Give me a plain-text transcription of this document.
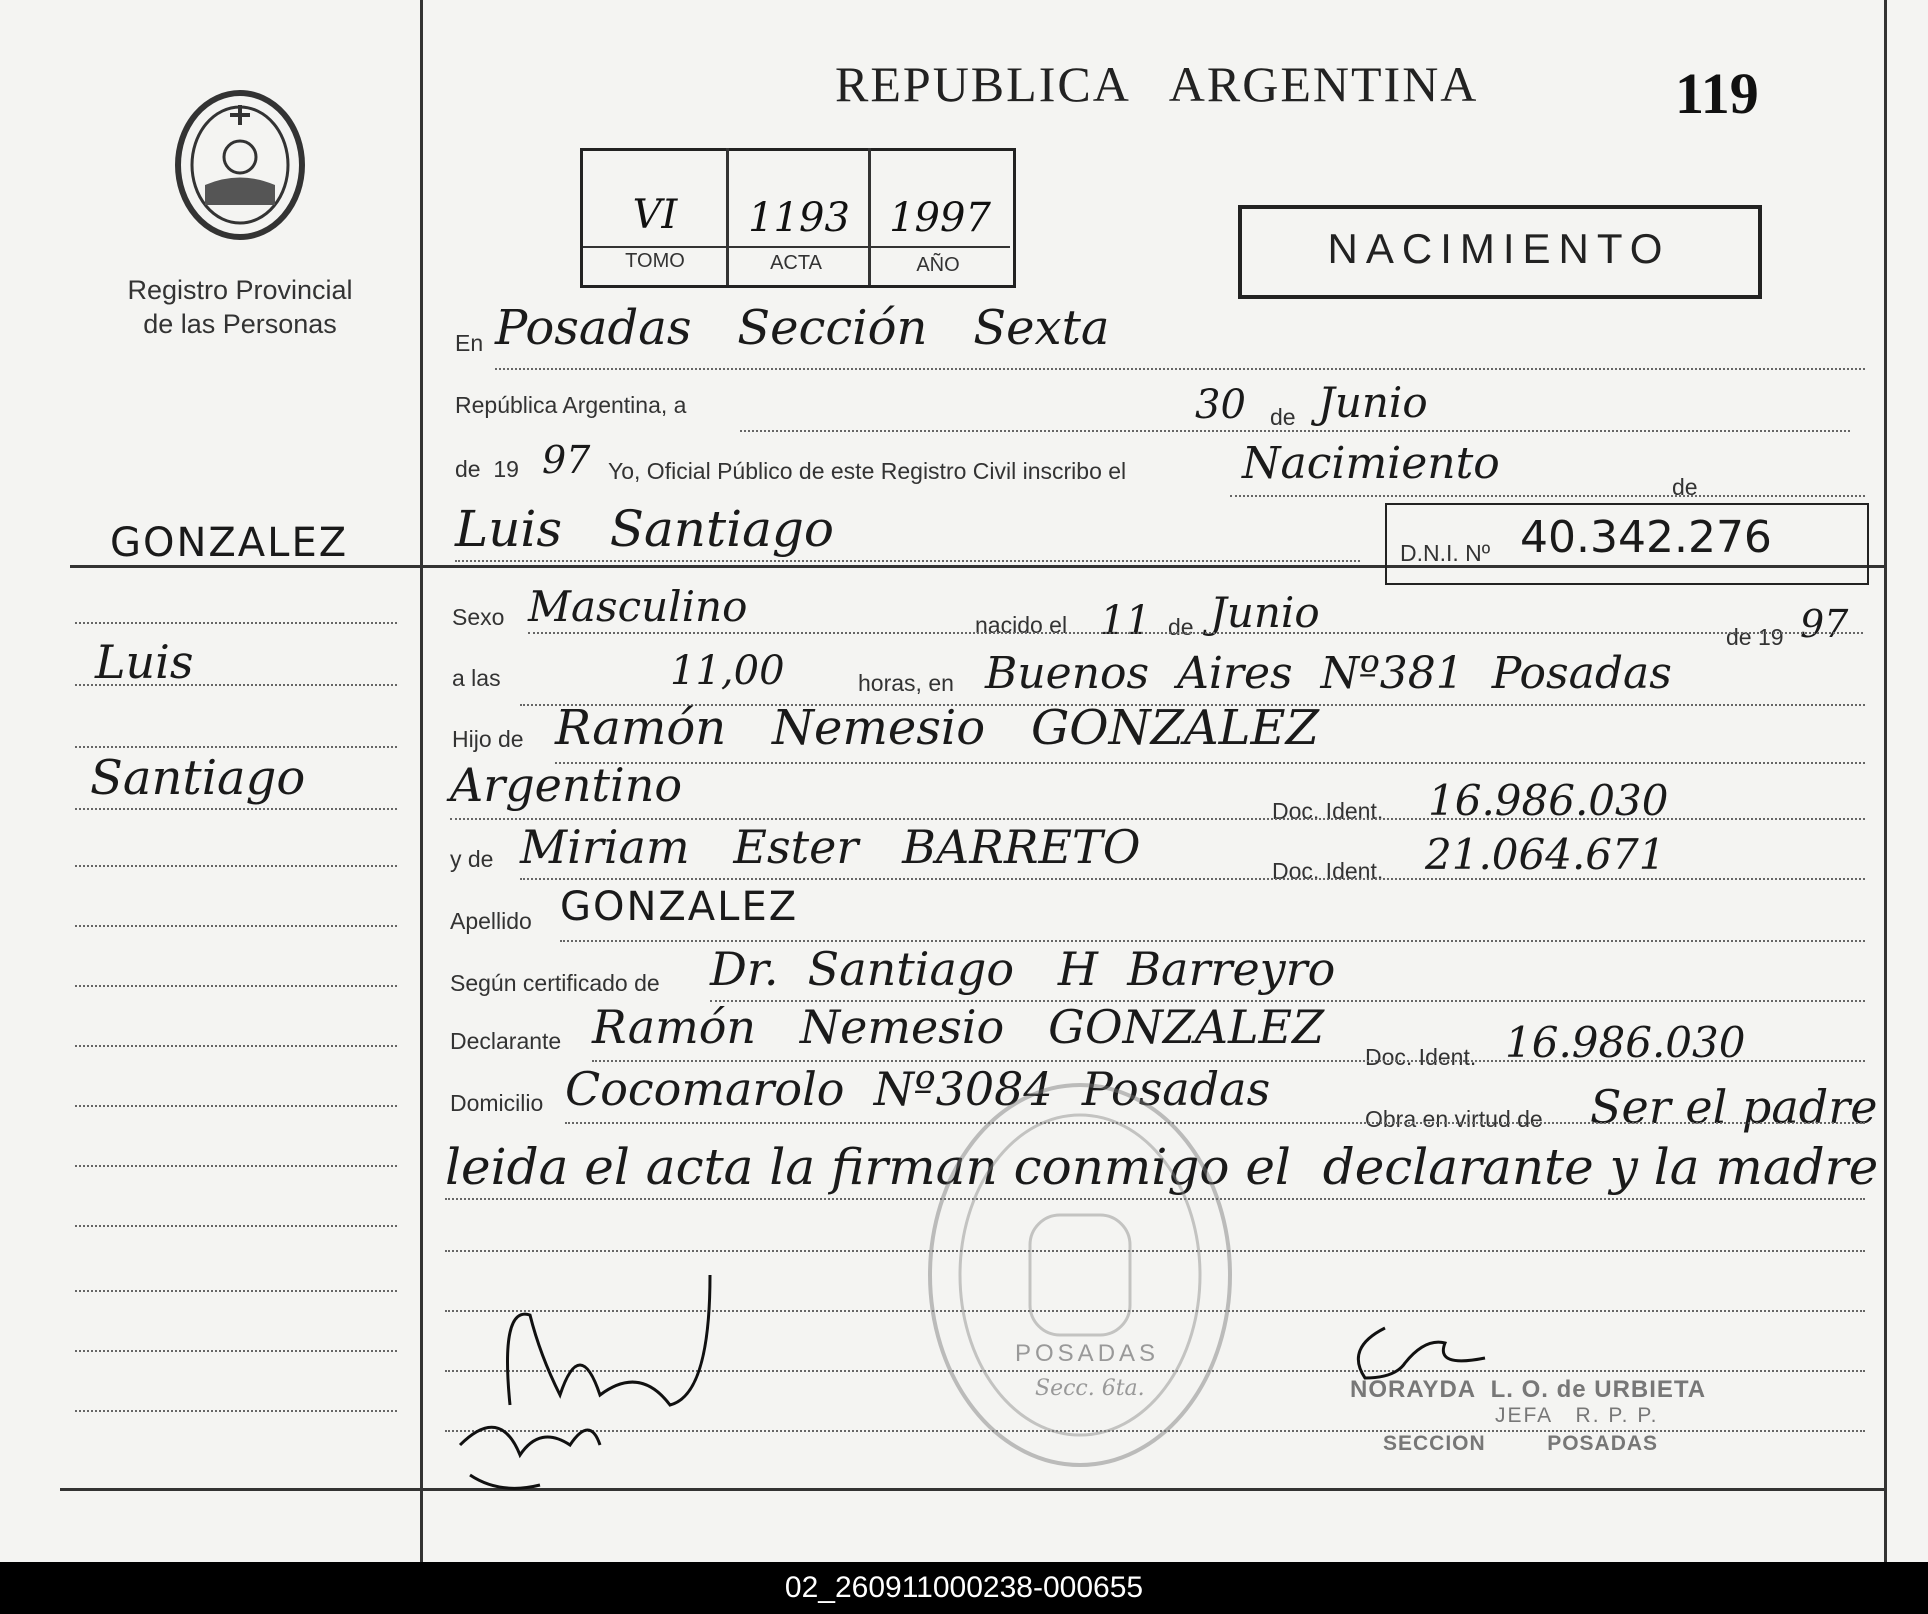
Registro Provincial
de las Personas
REPUBLICA   ARGENTINA	119
VI	1193 1997
TOMO	ACTA	AÑO	NACIMIENTO
GONZALEZ
Luis
Santiago
En Posadas   Sección   Sexta
República Argentina, a	30 de Junio
de  19 97 Yo, Oficial Público de este Registro Civil inscribo el	Nacimiento	de
Luis   Santiago	D.N.I. Nº 40.342.276
Sexo Masculino	nacido el 11 de Junio	de 19 97
a las	11,00	horas, en Buenos  Aires  Nº381  Posadas
Hijo de Ramón   Nemesio   GONZALEZ
Argentino	Doc. Ident. 16.986.030
y de Miriam   Ester   BARRETO	Doc. Ident. 21.064.671
Apellido GONZALEZ
Según certificado de Dr.  Santiago   H  Barreyro
Declarante Ramón   Nemesio   GONZALEZ
Doc. Ident. 16.986.030
Domicilio Cocomarolo  Nº3084  Posadas
Obra en virtud de Ser el padre
leida el acta la firman conmigo el  declarante y la madre
POSADAS
Secc. 6ta.	NORAYDA  L. O. de URBIETA
JEFA   R. P. P.
SECCION         POSADAS
02_260911000238-000655
